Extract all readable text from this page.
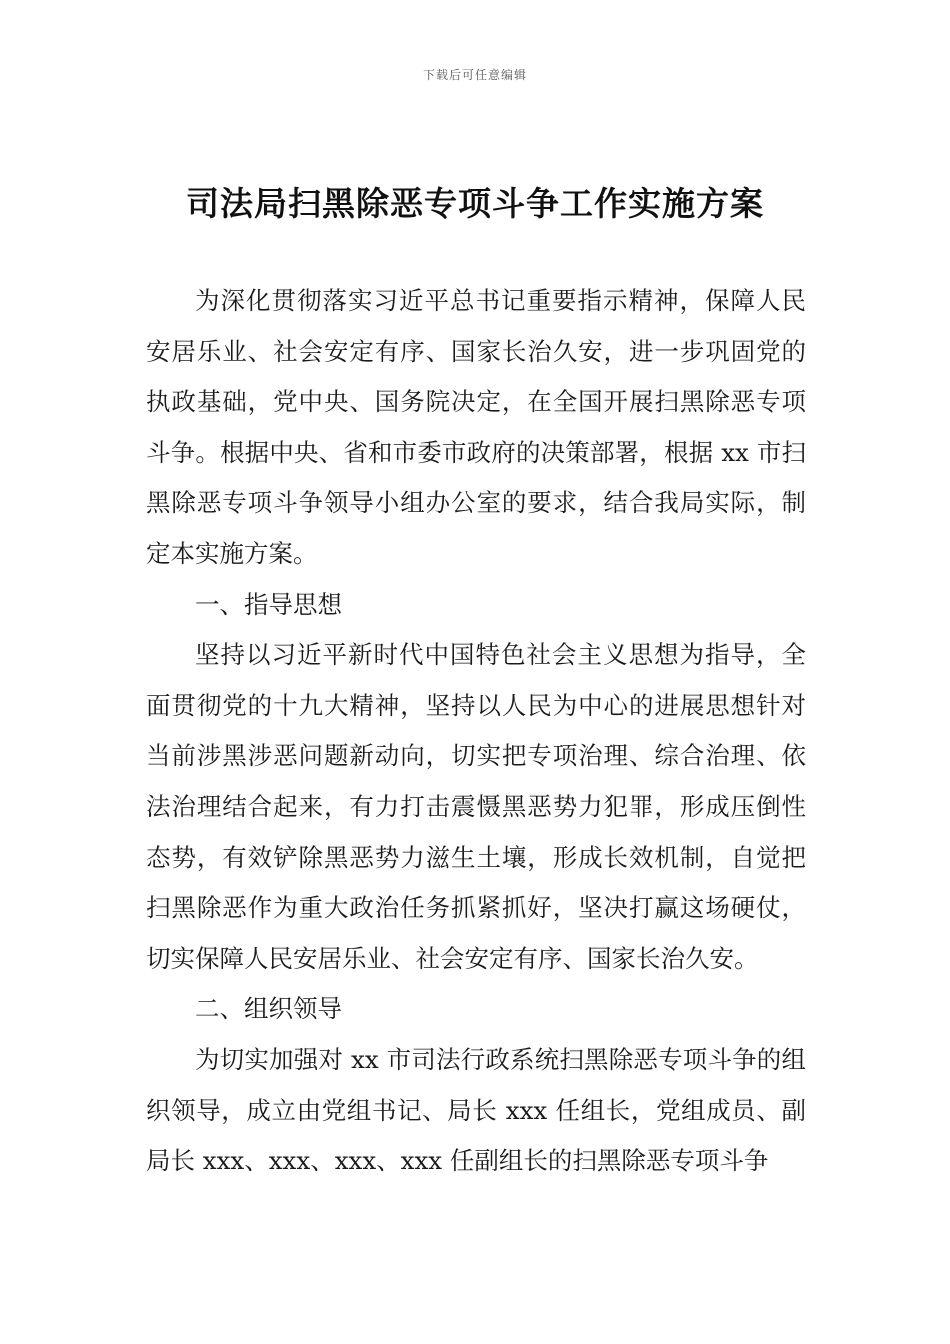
下载后可任意编辑
司法局扫黑除恶专项斗争工作实施方案

为深化贯彻落实习近平总书记重要指示精神，保障人民安居乐业、社会安定有序、国家长治久安，进一步巩固党的执政基础，党中央、国务院决定，在全国开展扫黑除恶专项斗争。根据中央、省和市委市政府的决策部署，根据 xx 市扫黑除恶专项斗争领导小组办公室的要求，结合我局实际，制定本实施方案。

一、指导思想

坚持以习近平新时代中国特色社会主义思想为指导，全面贯彻党的十九大精神，坚持以人民为中心的进展思想针对当前涉黑涉恶问题新动向，切实把专项治理、综合治理、依法治理结合起来，有力打击震慑黑恶势力犯罪，形成压倒性态势，有效铲除黑恶势力滋生土壤，形成长效机制，自觉把扫黑除恶作为重大政治任务抓紧抓好，坚决打赢这场硬仗，切实保障人民安居乐业、社会安定有序、国家长治久安。

二、组织领导

为切实加强对 xx 市司法行政系统扫黑除恶专项斗争的组织领导，成立由党组书记、局长 xxx 任组长，党组成员、副局长 xxx、xxx、xxx、xxx 任副组长的扫黑除恶专项斗争
